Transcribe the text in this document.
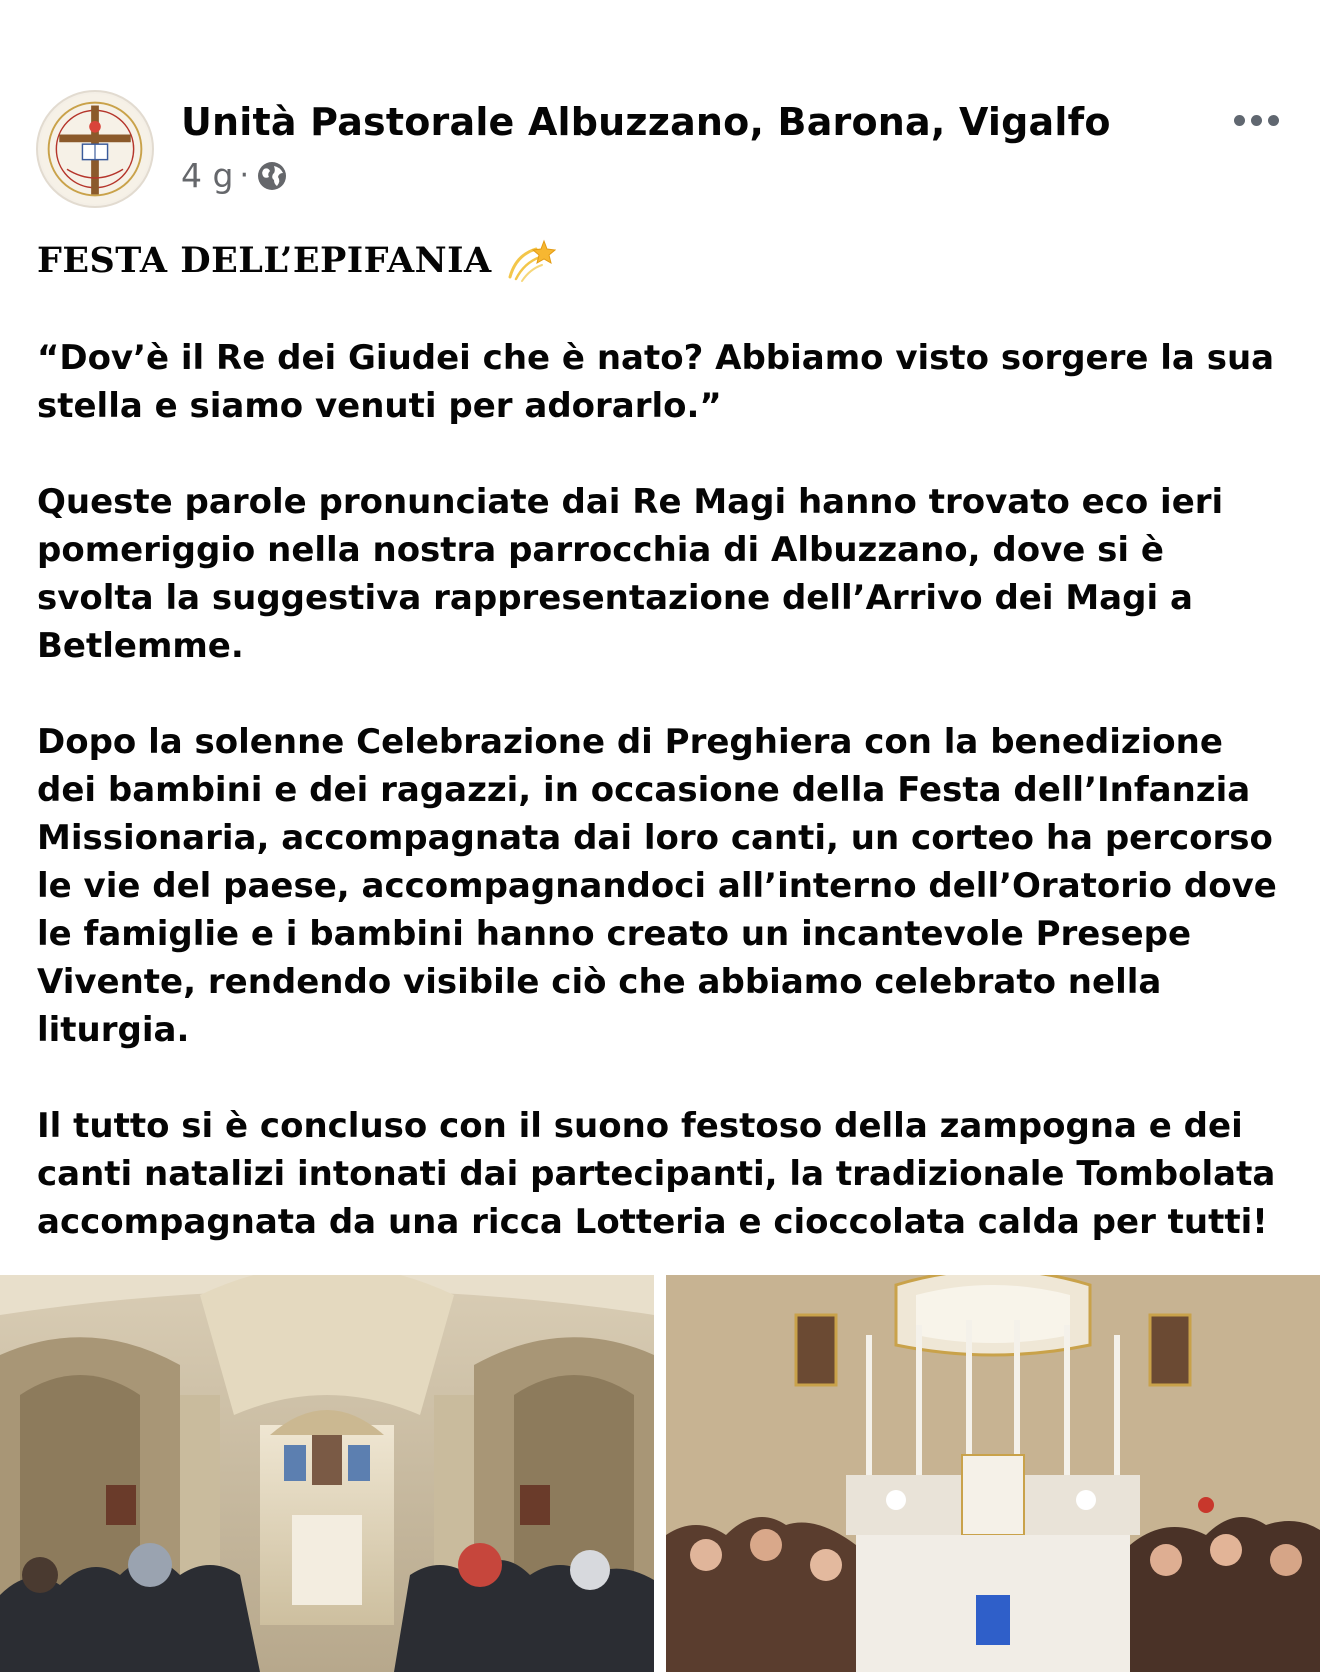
Unità Pastorale Albuzzano, Barona, Vigalfo
4 g ·
FESTA DELL’EPIFANIA

“Dov’è il Re dei Giudei che è nato? Abbiamo visto sorgere la sua stella e siamo venuti per adorarlo.”

Queste parole pronunciate dai Re Magi hanno trovato eco ieri pomeriggio nella nostra parrocchia di Albuzzano, dove si è svolta la suggestiva rappresentazione dell’Arrivo dei Magi a Betlemme.

Dopo la solenne Celebrazione di Preghiera con la benedizione dei bambini e dei ragazzi, in occasione della Festa dell’Infanzia Missionaria, accompagnata dai loro canti, un corteo ha percorso le vie del paese, accompagnandoci all’interno dell’Oratorio dove le famiglie e i bambini hanno creato un incantevole Presepe Vivente, rendendo visibile ciò che abbiamo celebrato nella liturgia.

Il tutto si è concluso con il suono festoso della zampogna e dei canti natalizi intonati dai partecipanti, la tradizionale Tombolata accompagnata da una ricca Lotteria e cioccolata calda per tutti!
